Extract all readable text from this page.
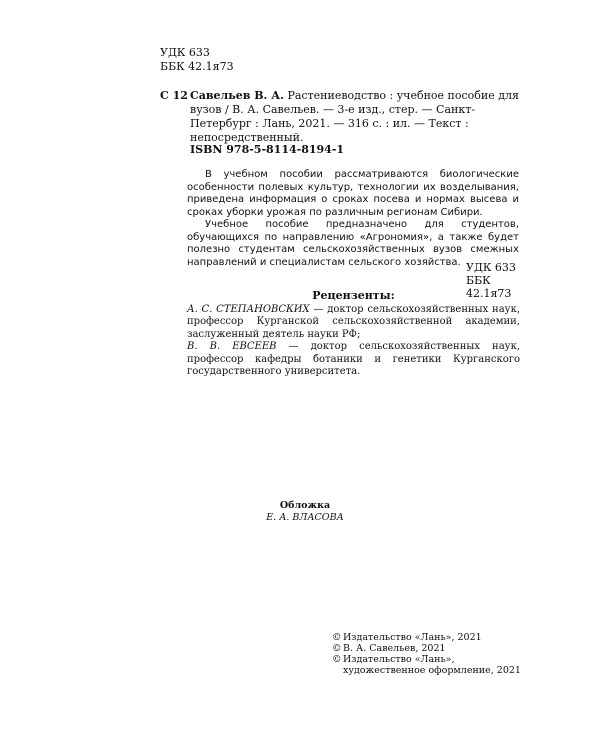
УДК 633
ББК 42.1я73
С 12 Савельев В. А. Растениеводство : учебное пособие для вузов / В. А. Савельев. — 3-е изд., стер. — Санкт-Петербург : Лань, 2021. — 316 с. : ил. — Текст : непосредственный.
ISBN 978-5-8114-8194-1

В учебном пособии рассматриваются биологические особенности полевых культур, технологии их возделывания, приведена информация о сроках посева и нормах высева и сроках уборки урожая по различным регионам Сибири.

Учебное пособие предназначено для студентов, обучающихся по направлению «Агрономия», а также будет полезно студентам сельскохозяйственных вузов смежных направлений и специалистам сельского хозяйства. УДК 633
ББК 42.1я73
Рецензенты:

А. С. СТЕПАНОВСКИХ — доктор сельскохозяйственных наук, профессор Курганской сельскохозяйственной академии, заслуженный деятель науки РФ;

В. В. ЕВСЕЕВ — доктор сельскохозяйственных наук, профессор кафедры ботаники и генетики Курганского государственного университета.

Обложка
Е. А. ВЛАСОВА
© Издательство «Лань», 2021
© В. А. Савельев, 2021
© Издательство «Лань»,
художественное оформление, 2021
